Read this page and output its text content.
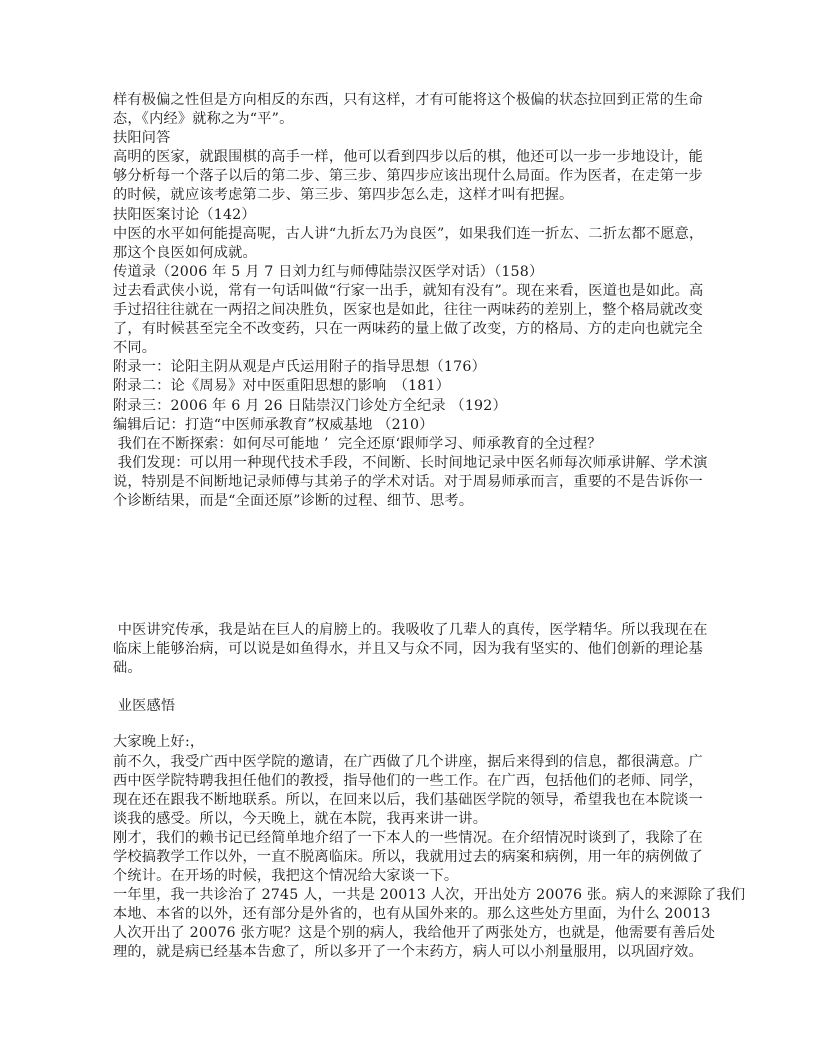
样有极偏之性但是方向相反的东西，只有这样，才有可能将这个极偏的状态拉回到正常的生命
态，《内经》就称之为“平”。
扶阳问答
高明的医家，就跟围棋的高手一样，他可以看到四步以后的棋，他还可以一步一步地设计，能
够分析每一个落子以后的第二步、第三步、第四步应该出现什么局面。作为医者，在走第一步
的时候，就应该考虑第二步、第三步、第四步怎么走，这样才叫有把握。
扶阳医案讨论（142）
中医的水平如何能提高呢，古人讲“九折厷乃为良医”，如果我们连一折厷、二折厷都不愿意，
那这个良医如何成就。
传道录（2006 年 5 月 7 日刘力红与师傅陆崇汉医学对话）（158）
过去看武侠小说，常有一句话叫做“行家一出手，就知有没有”。现在来看，医道也是如此。高
手过招往往就在一两招之间决胜负，医家也是如此，往往一两味药的差别上，整个格局就改变
了，有时候甚至完全不改变药，只在一两味药的量上做了改变，方的格局、方的走向也就完全
不同。
附录一：论阳主阴从观是卢氏运用附子的指导思想（176）
附录二：论《周易》对中医重阳思想的影响　（181）
附录三：2006 年 6 月 26 日陆崇汉门诊处方全纪录 （192）
编辑后记：打造“中医师承教育”权威基地 （210）
我们在不断探索：如何尽可能地 ’  完全还原‘跟师学习、师承教育的全过程？
我们发现：可以用一种现代技术手段，不间断、长时间地记录中医名师每次师承讲解、学术演
说，特别是不间断地记录师傅与其弟子的学术对话。对于周易师承而言，重要的不是告诉你一
个诊断结果，而是“全面还原”诊断的过程、细节、思考。
中医讲究传承，我是站在巨人的肩膀上的。我吸收了几辈人的真传，医学精华。所以我现在在
临床上能够治病，可以说是如鱼得水，并且又与众不同，因为我有坚实的、他们创新的理论基
础。
业医感悟
大家晚上好:，
前不久，我受广西中医学院的邀请，在广西做了几个讲座，据后来得到的信息，都很满意。广
西中医学院特聘我担任他们的教授，指导他们的一些工作。在广西，包括他们的老师、同学，
现在还在跟我不断地联系。所以，在回来以后，我们基础医学院的领导，希望我也在本院谈一
谈我的感受。所以，今天晚上，就在本院，我再来讲一讲。
刚才，我们的赖书记已经简单地介绍了一下本人的一些情况。在介绍情况时谈到了，我除了在
学校搞教学工作以外，一直不脱离临床。所以，我就用过去的病案和病例，用一年的病例做了
个统计。在开场的时候，我把这个情况给大家谈一下。
一年里，我一共诊治了 2745 人，一共是 20013 人次，开出处方 20076 张。病人的来源除了我们
本地、本省的以外，还有部分是外省的，也有从国外来的。那么这些处方里面，为什么 20013
人次开出了 20076 张方呢？这是个别的病人，我给他开了两张处方，也就是，他需要有善后处
理的，就是病已经基本告愈了，所以多开了一个末药方，病人可以小剂量服用，以巩固疗效。
